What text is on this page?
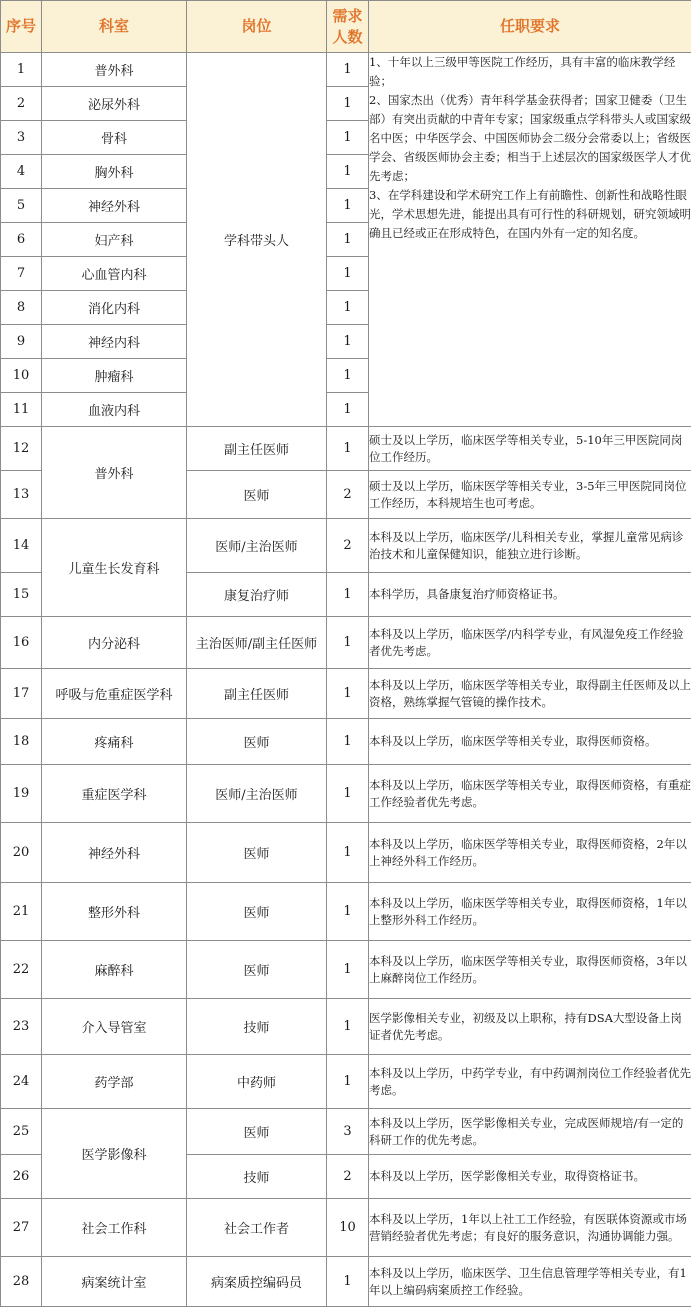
序号	科室	岗位	需求
人数	任职要求
1	普外科	学科带头人	1	1、十年以上三级甲等医院工作经历，具有丰富的临床教学经验；
2、国家杰出（优秀）青年科学基金获得者；国家卫健委（卫生部）有突出贡献的中青年专家；国家级重点学科带头人或国家级名中医；中华医学会、中国医师协会二级分会常委以上；省级医学会、省级医师协会主委；相当于上述层次的国家级医学人才优先考虑；
3、在学科建设和学术研究工作上有前瞻性、创新性和战略性眼光，学术思想先进，能提出具有可行性的科研规划，研究领域明确且已经或正在形成特色，在国内外有一定的知名度。
2	泌尿外科		1	
3	骨科		1	
4	胸外科		1	
5	神经外科		1	
6	妇产科		1	
7	心血管内科		1	
8	消化内科		1	
9	神经内科		1	
10	肿瘤科		1	
11	血液内科		1	
12	普外科	副主任医师	1	硕士及以上学历，临床医学等相关专业，5-10年三甲医院同岗位工作经历。
13		医师	2	硕士及以上学历，临床医学等相关专业，3-5年三甲医院同岗位工作经历，本科规培生也可考虑。
14	儿童生长发育科	医师/主治医师	2	本科及以上学历，临床医学/儿科相关专业，掌握儿童常见病诊治技术和儿童保健知识，能独立进行诊断。
15		康复治疗师	1	本科学历，具备康复治疗师资格证书。
16	内分泌科	主治医师/副主任医师	1	本科及以上学历，临床医学/内科学专业，有风湿免疫工作经验者优先考虑。
17	呼吸与危重症医学科	副主任医师	1	本科及以上学历，临床医学等相关专业，取得副主任医师及以上资格，熟练掌握气管镜的操作技术。
18	疼痛科	医师	1	本科及以上学历，临床医学等相关专业，取得医师资格。
19	重症医学科	医师/主治医师	1	本科及以上学历，临床医学等相关专业，取得医师资格，有重症工作经验者优先考虑。
20	神经外科	医师	1	本科及以上学历，临床医学等相关专业，取得医师资格，2年以上神经外科工作经历。
21	整形外科	医师	1	本科及以上学历，临床医学等相关专业，取得医师资格，1年以上整形外科工作经历。
22	麻醉科	医师	1	本科及以上学历，临床医学等相关专业，取得医师资格，3年以上麻醉岗位工作经历。
23	介入导管室	技师	1	医学影像相关专业，初级及以上职称，持有DSA大型设备上岗证者优先考虑。
24	药学部	中药师	1	本科及以上学历，中药学专业，有中药调剂岗位工作经验者优先考虑。
25	医学影像科	医师	3	本科及以上学历，医学影像相关专业，完成医师规培/有一定的科研工作的优先考虑。
26		技师	2	本科及以上学历，医学影像相关专业，取得资格证书。
27	社会工作科	社会工作者	10	本科及以上学历，1年以上社工工作经验，有医联体资源或市场营销经验者优先考虑；有良好的服务意识，沟通协调能力强。
28	病案统计室	病案质控编码员	1	本科及以上学历，临床医学、卫生信息管理学等相关专业，有1年以上编码病案质控工作经验。
